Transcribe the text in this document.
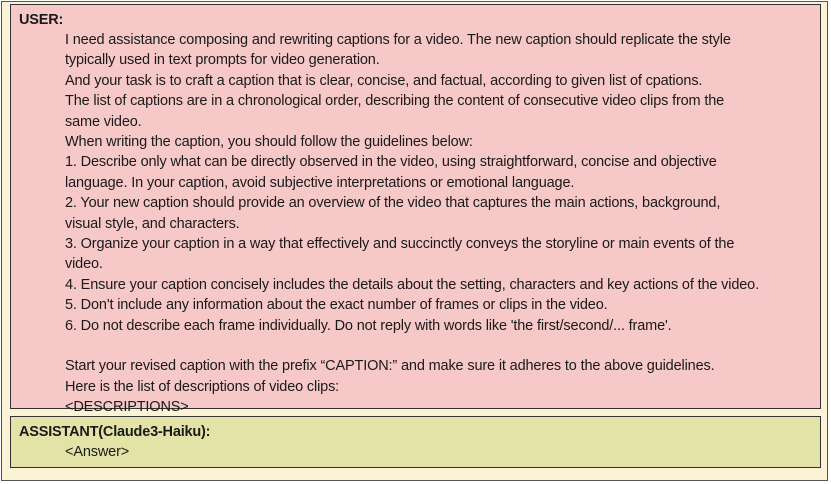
USER:
I need assistance composing and rewriting captions for a video. The new caption should replicate the style
typically used in text prompts for video generation.
And your task is to craft a caption that is clear, concise, and factual, according to given list of cpations.
The list of captions are in a chronological order, describing the content of consecutive video clips from the
same video.
When writing the caption, you should follow the guidelines below:
1. Describe only what can be directly observed in the video, using straightforward, concise and objective
language. In your caption, avoid subjective interpretations or emotional language.
2. Your new caption should provide an overview of the video that captures the main actions, background,
visual style, and characters.
3. Organize your caption in a way that effectively and succinctly conveys the storyline or main events of the
video.
4. Ensure your caption concisely includes the details about the setting, characters and key actions of the video.
5. Don't include any information about the exact number of frames or clips in the video.
6. Do not describe each frame individually. Do not reply with words like 'the first/second/... frame'.
Start your revised caption with the prefix “CAPTION:” and make sure it adheres to the above guidelines.
Here is the list of descriptions of video clips:
<DESCRIPTIONS>
ASSISTANT(Claude3-Haiku):
<Answer>
